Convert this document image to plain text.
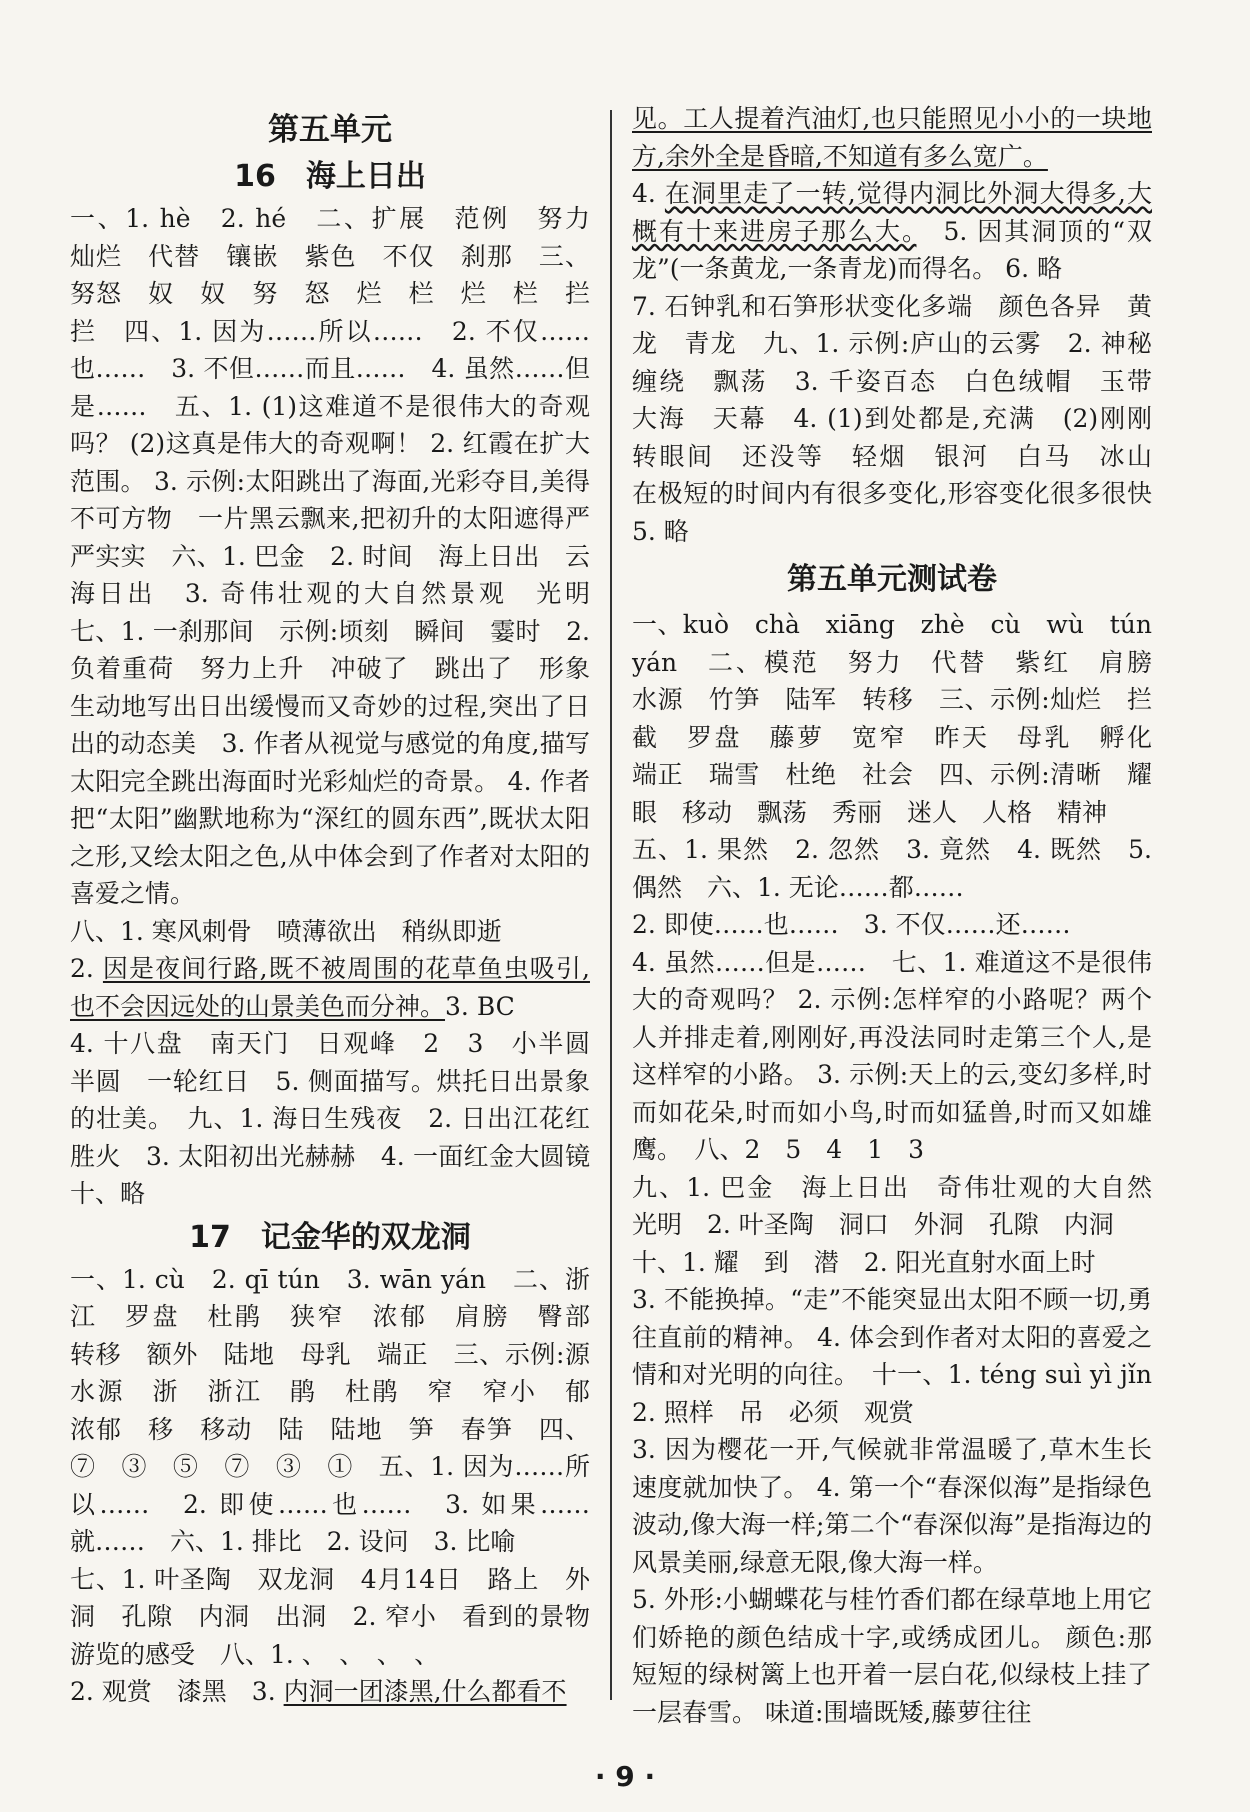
第五单元
16　海上日出

一、1. hè　2. hé　二、扩展　范例　努力　灿烂　代替　镶嵌　紫色　不仅　刹那　三、努怒　奴　奴　努　怒　烂　栏　烂　栏　拦　拦　四、1. 因为……所以……　2. 不仅……也……　3. 不但……而且……　4. 虽然……但是……　五、1. (1)这难道不是很伟大的奇观吗？ (2)这真是伟大的奇观啊！ 2. 红霞在扩大范围。 3. 示例:太阳跳出了海面,光彩夺目,美得不可方物　一片黑云飘来,把初升的太阳遮得严严实实　六、1. 巴金　2. 时间　海上日出　云海日出　3. 奇伟壮观的大自然景观　光明　七、1. 一刹那间　示例:顷刻　瞬间　霎时　2. 负着重荷　努力上升　冲破了　跳出了　形象生动地写出日出缓慢而又奇妙的过程,突出了日出的动态美　3. 作者从视觉与感觉的角度,描写太阳完全跳出海面时光彩灿烂的奇景。 4. 作者把“太阳”幽默地称为“深红的圆东西”,既状太阳之形,又绘太阳之色,从中体会到了作者对太阳的喜爱之情。

八、1. 寒风刺骨　喷薄欲出　稍纵即逝

2. 因是夜间行路,既不被周围的花草鱼虫吸引,也不会因远处的山景美色而分神。3. BC

4. 十八盘　南天门　日观峰　2　3　小半圆　半圆　一轮红日　5. 侧面描写。烘托日出景象的壮美。　九、1. 海日生残夜　2. 日出江花红胜火　3. 太阳初出光赫赫　4. 一面红金大圆镜　十、略

17　记金华的双龙洞

一、1. cù　2. qī tún　3. wān yán　二、浙江　罗盘　杜鹃　狭窄　浓郁　肩膀　臀部　转移　额外　陆地　母乳　端正　三、示例:源　水源　浙　浙江　鹃　杜鹃　窄　窄小　郁　浓郁　移　移动　陆　陆地　笋　春笋　四、⑦　③　⑤　⑦　③　①　五、1. 因为……所以……　2. 即使……也……　3. 如果……就……　六、1. 排比　2. 设问　3. 比喻

七、1. 叶圣陶　双龙洞　4月14日　路上　外洞　孔隙　内洞　出洞　2. 窄小　看到的景物　游览的感受　八、1. 、　、　、　、

2. 观赏　漆黑　3. 内洞一团漆黑,什么都看不

见。工人提着汽油灯,也只能照见小小的一块地方,余外全是昏暗,不知道有多么宽广。

4. 在洞里走了一转,觉得内洞比外洞大得多,大概有十来进房子那么大。　5. 因其洞顶的“双龙”(一条黄龙,一条青龙)而得名。 6. 略

7. 石钟乳和石笋形状变化多端　颜色各异　黄龙　青龙　九、1. 示例:庐山的云雾　2. 神秘　缠绕　飘荡　3. 千姿百态　白色绒帽　玉带　大海　天幕　4. (1)到处都是,充满　(2)刚刚　转眼间　还没等　轻烟　银河　白马　冰山　在极短的时间内有很多变化,形容变化很多很快　5. 略

第五单元测试卷

一、kuò　chà　xiāng　zhè　cù　wù　tún　yán　二、模范　努力　代替　紫红　肩膀　水源　竹笋　陆军　转移　三、示例:灿烂　拦截　罗盘　藤萝　宽窄　昨天　母乳　孵化　端正　瑞雪　杜绝　社会　四、示例:清晰　耀眼　移动　飘荡　秀丽　迷人　人格　精神

五、1. 果然　2. 忽然　3. 竟然　4. 既然　5. 偶然　六、1. 无论……都……

2. 即使……也……　3. 不仅……还……

4. 虽然……但是……　七、1. 难道这不是很伟大的奇观吗？ 2. 示例:怎样窄的小路呢？两个人并排走着,刚刚好,再没法同时走第三个人,是这样窄的小路。 3. 示例:天上的云,变幻多样,时而如花朵,时而如小鸟,时而如猛兽,时而又如雄鹰。　八、2　5　4　1　3

九、1. 巴金　海上日出　奇伟壮观的大自然　光明　2. 叶圣陶　洞口　外洞　孔隙　内洞

十、1. 耀　到　潜　2. 阳光直射水面上时

3. 不能换掉。“走”不能突显出太阳不顾一切,勇往直前的精神。 4. 体会到作者对太阳的喜爱之情和对光明的向往。　十一、1. téng suì yì jǐn　2. 照样　吊　必须　观赏

3. 因为樱花一开,气候就非常温暖了,草木生长速度就加快了。 4. 第一个“春深似海”是指绿色波动,像大海一样;第二个“春深似海”是指海边的风景美丽,绿意无限,像大海一样。

5. 外形:小蝴蝶花与桂竹香们都在绿草地上用它们娇艳的颜色结成十字,或绣成团儿。 颜色:那短短的绿树篱上也开着一层白花,似绿枝上挂了一层春雪。 味道:围墙既矮,藤萝往往

· 9 ·
